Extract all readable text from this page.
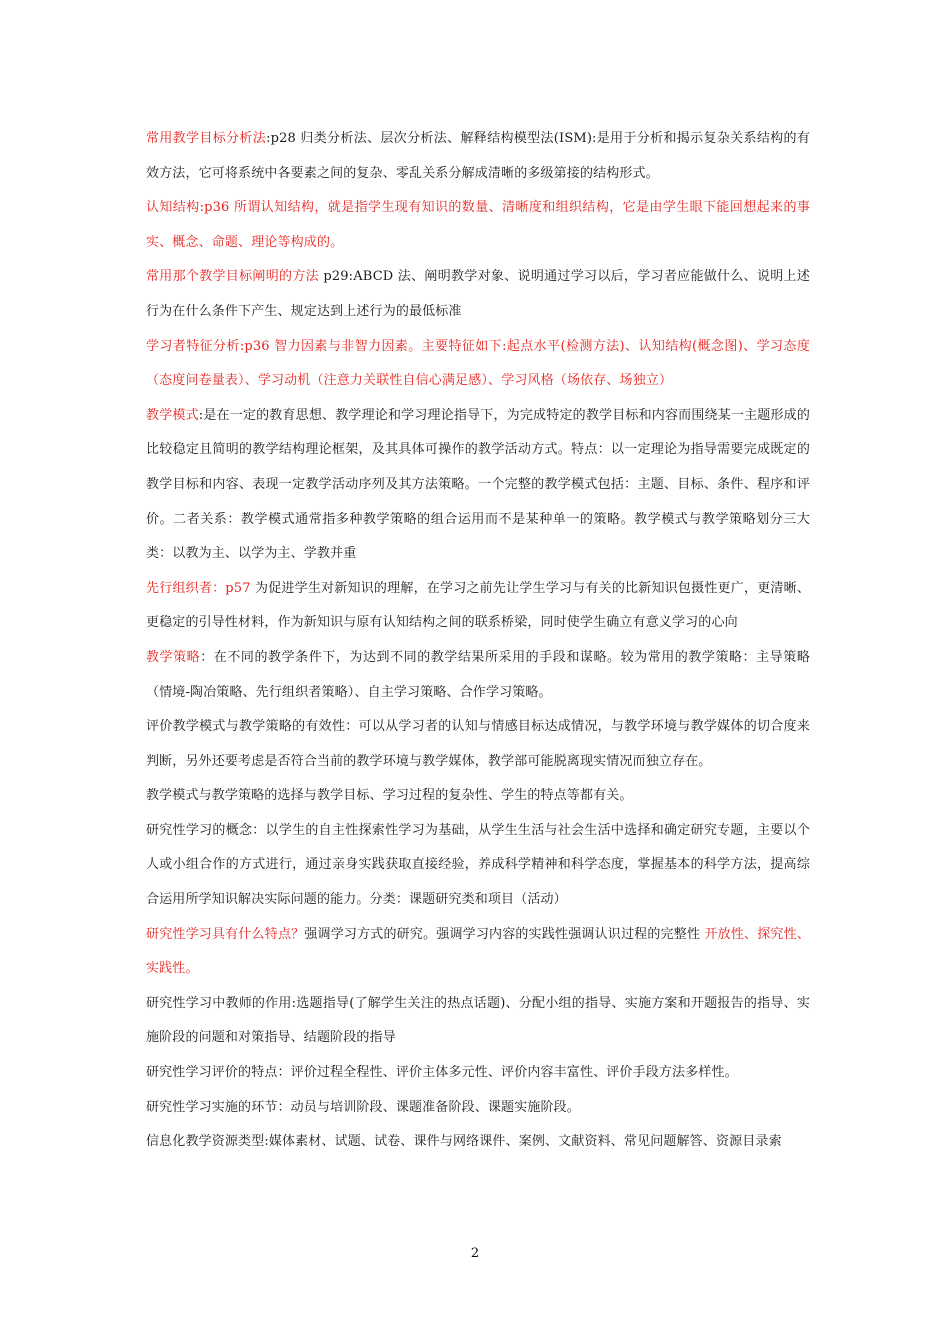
常用教学目标分析法:p28 归类分析法、层次分析法、解释结构模型法(ISM):是用于分析和揭示复杂关系结构的有效方法，它可将系统中各要素之间的复杂、零乱关系分解成清晰的多级第接的结构形式。

认知结构:p36 所谓认知结构，就是指学生现有知识的数量、清晰度和组织结构，它是由学生眼下能回想起来的事实、概念、命题、理论等构成的。

常用那个教学目标阐明的方法 p29:ABCD 法、阐明教学对象、说明通过学习以后，学习者应能做什么、说明上述行为在什么条件下产生、规定达到上述行为的最低标准

学习者特征分析:p36 智力因素与非智力因素。主要特征如下:起点水平(检测方法)、认知结构(概念图)、学习态度（态度问卷量表）、学习动机（注意力关联性自信心满足感）、学习风格（场依存、场独立）

教学模式:是在一定的教育思想、教学理论和学习理论指导下，为完成特定的教学目标和内容而围绕某一主题形成的比较稳定且简明的教学结构理论框架，及其具体可操作的教学活动方式。特点：以一定理论为指导需要完成既定的教学目标和内容、表现一定教学活动序列及其方法策略。一个完整的教学模式包括：主题、目标、条件、程序和评价。二者关系：教学模式通常指多种教学策略的组合运用而不是某种单一的策略。教学模式与教学策略划分三大类：以教为主、以学为主、学教并重

先行组织者：p57 为促进学生对新知识的理解，在学习之前先让学生学习与有关的比新知识包摄性更广，更清晰、更稳定的引导性材料，作为新知识与原有认知结构之间的联系桥梁，同时使学生确立有意义学习的心向

教学策略：在不同的教学条件下，为达到不同的教学结果所采用的手段和谋略。较为常用的教学策略：主导策略（情境-陶冶策略、先行组织者策略）、自主学习策略、合作学习策略。

评价教学模式与教学策略的有效性：可以从学习者的认知与情感目标达成情况，与教学环境与教学媒体的切合度来判断，另外还要考虑是否符合当前的教学环境与教学媒体，教学部可能脱离现实情况而独立存在。

教学模式与教学策略的选择与教学目标、学习过程的复杂性、学生的特点等都有关。

研究性学习的概念：以学生的自主性探索性学习为基础，从学生生活与社会生活中选择和确定研究专题，主要以个人或小组合作的方式进行，通过亲身实践获取直接经验，养成科学精神和科学态度，掌握基本的科学方法，提高综合运用所学知识解决实际问题的能力。分类：课题研究类和项目（活动）

研究性学习具有什么特点？强调学习方式的研究。强调学习内容的实践性强调认识过程的完整性 开放性、探究性、实践性。

研究性学习中教师的作用:选题指导(了解学生关注的热点话题)、分配小组的指导、实施方案和开题报告的指导、实施阶段的问题和对策指导、结题阶段的指导

研究性学习评价的特点：评价过程全程性、评价主体多元性、评价内容丰富性、评价手段方法多样性。

研究性学习实施的环节：动员与培训阶段、课题准备阶段、课题实施阶段。

信息化教学资源类型:媒体素材、试题、试卷、课件与网络课件、案例、文献资料、常见问题解答、资源目录索

2
